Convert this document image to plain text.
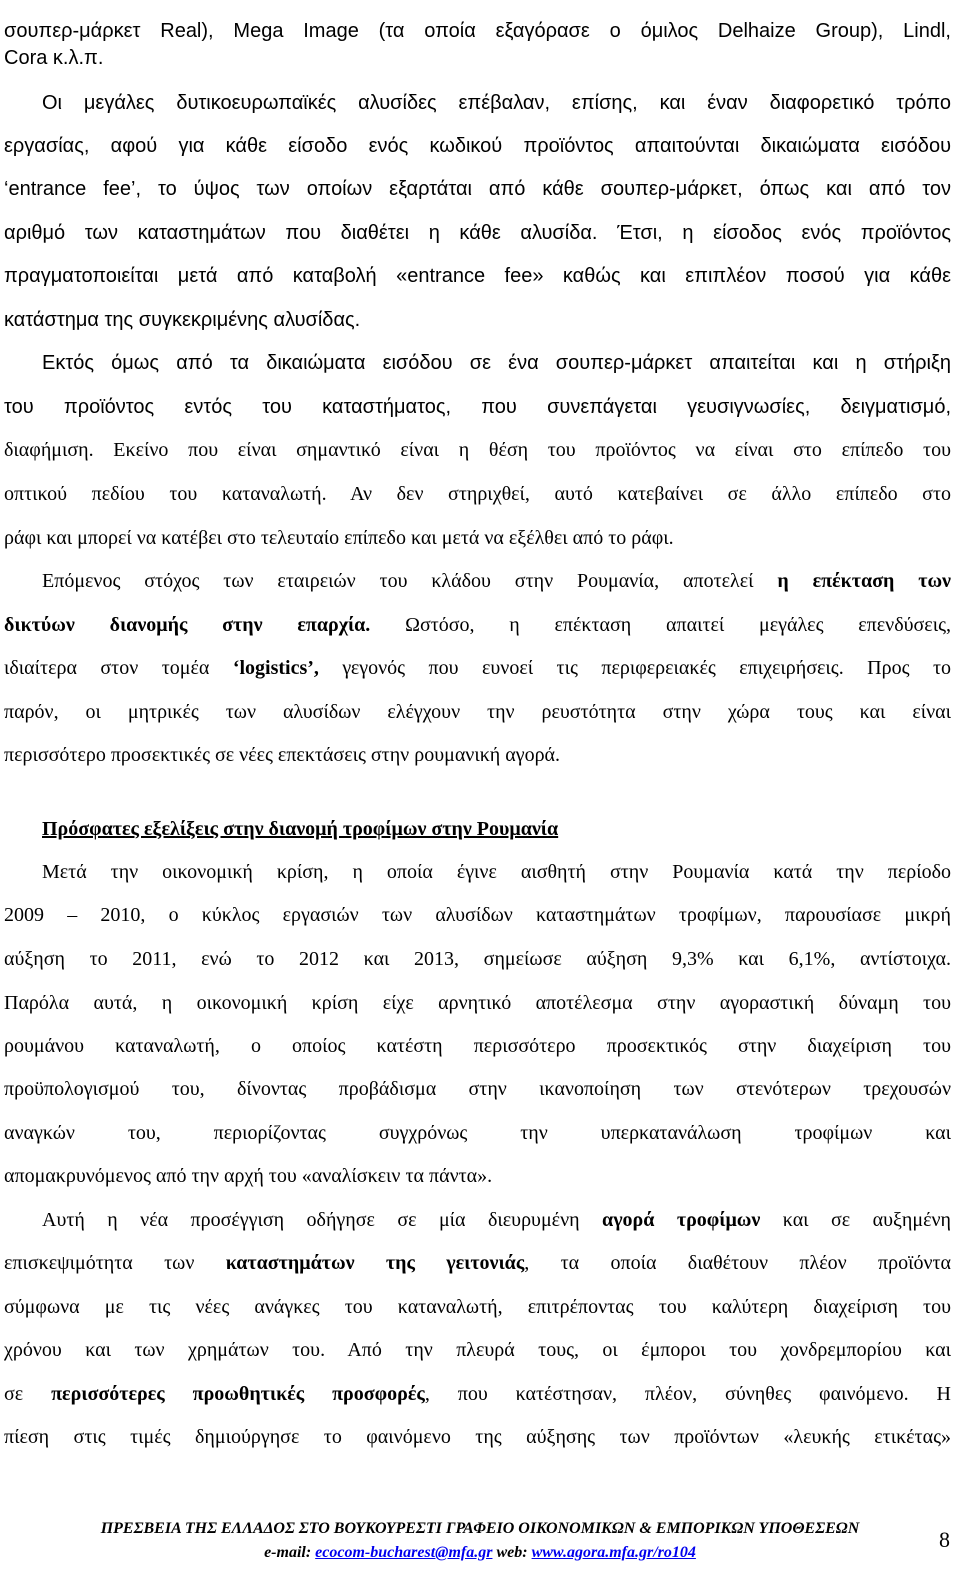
σουπερ-μάρκετ Real), Mega Image (τα οποία εξαγόρασε ο όμιλος Delhaize Group), Lindl,
Cora κ.λ.π.
Οι μεγάλες δυτικοευρωπαϊκές αλυσίδες επέβαλαν, επίσης, και έναν διαφορετικό τρόπο
εργασίας, αφού για κάθε είσοδο ενός κωδικού προϊόντος απαιτούνται δικαιώματα εισόδου
‘entrance fee’, το ύψος των οποίων εξαρτάται από κάθε σουπερ-μάρκετ, όπως και από τον
αριθμό των καταστημάτων που διαθέτει η κάθε αλυσίδα. Έτσι, η είσοδος ενός προϊόντος
πραγματοποιείται μετά από καταβολή «entrance fee» καθώς και επιπλέον ποσού για κάθε
κατάστημα της συγκεκριμένης αλυσίδας.
Εκτός όμως από τα δικαιώματα εισόδου σε ένα σουπερ-μάρκετ απαιτείται και η στήριξη
του προϊόντος εντός του καταστήματος, που συνεπάγεται γευσιγνωσίες, δειγματισμό,
διαφήμιση. Εκείνο που είναι σημαντικό είναι η θέση του προϊόντος να είναι στο επίπεδο του
οπτικού πεδίου του καταναλωτή. Αν δεν στηριχθεί, αυτό κατεβαίνει σε άλλο επίπεδο στο
ράφι και μπορεί να κατέβει στο τελευταίο επίπεδο και μετά να εξέλθει από το ράφι.
Επόμενος στόχος των εταιρειών του κλάδου στην Ρουμανία, αποτελεί η επέκταση των
δικτύων διανομής στην επαρχία. Ωστόσο, η επέκταση απαιτεί μεγάλες επενδύσεις,
ιδιαίτερα στον τομέα ‘logistics’, γεγονός που ευνοεί τις περιφερειακές επιχειρήσεις. Προς το
παρόν, οι μητρικές των αλυσίδων ελέγχουν την ρευστότητα στην χώρα τους και είναι
περισσότερο προσεκτικές σε νέες επεκτάσεις στην ρουμανική αγορά.
Πρόσφατες εξελίξεις στην διανομή τροφίμων στην Ρουμανία
Μετά την οικονομική κρίση, η οποία έγινε αισθητή στην Ρουμανία κατά την περίοδο
2009 – 2010, ο κύκλος εργασιών των αλυσίδων καταστημάτων τροφίμων, παρουσίασε μικρή
αύξηση το 2011, ενώ το 2012 και 2013, σημείωσε αύξηση 9,3% και 6,1%, αντίστοιχα.
Παρόλα αυτά, η οικονομική κρίση είχε αρνητικό αποτέλεσμα στην αγοραστική δύναμη του
ρουμάνου καταναλωτή, ο οποίος κατέστη περισσότερο προσεκτικός στην διαχείριση του
προϋπολογισμού του, δίνοντας προβάδισμα στην ικανοποίηση των στενότερων τρεχουσών
αναγκών του, περιορίζοντας συγχρόνως την υπερκατανάλωση τροφίμων και
απομακρυνόμενος από την αρχή του «αναλίσκειν τα πάντα».
Αυτή η νέα προσέγγιση οδήγησε σε μία διευρυμένη αγορά τροφίμων και σε αυξημένη
επισκεψιμότητα των καταστημάτων της γειτονιάς, τα οποία διαθέτουν πλέον προϊόντα
σύμφωνα με τις νέες ανάγκες του καταναλωτή, επιτρέποντας του καλύτερη διαχείριση του
χρόνου και των χρημάτων του. Από την πλευρά τους, οι έμποροι του χονδρεμπορίου και
σε περισσότερες προωθητικές προσφορές, που κατέστησαν, πλέον, σύνηθες φαινόμενο. Η
πίεση στις τιμές δημιούργησε το φαινόμενο της αύξησης των προϊόντων «λευκής ετικέτας»
ΠΡΕΣΒΕΙΑ ΤΗΣ ΕΛΛΑΔΟΣ ΣΤΟ ΒΟΥΚΟΥΡΕΣΤΙ ΓΡΑΦΕΙΟ ΟΙΚΟΝΟΜΙΚΩΝ & ΕΜΠΟΡΙΚΩΝ ΥΠΟΘΕΣΕΩΝ
e-mail: ecocom-bucharest@mfa.gr web: www.agora.mfa.gr/ro104
8
